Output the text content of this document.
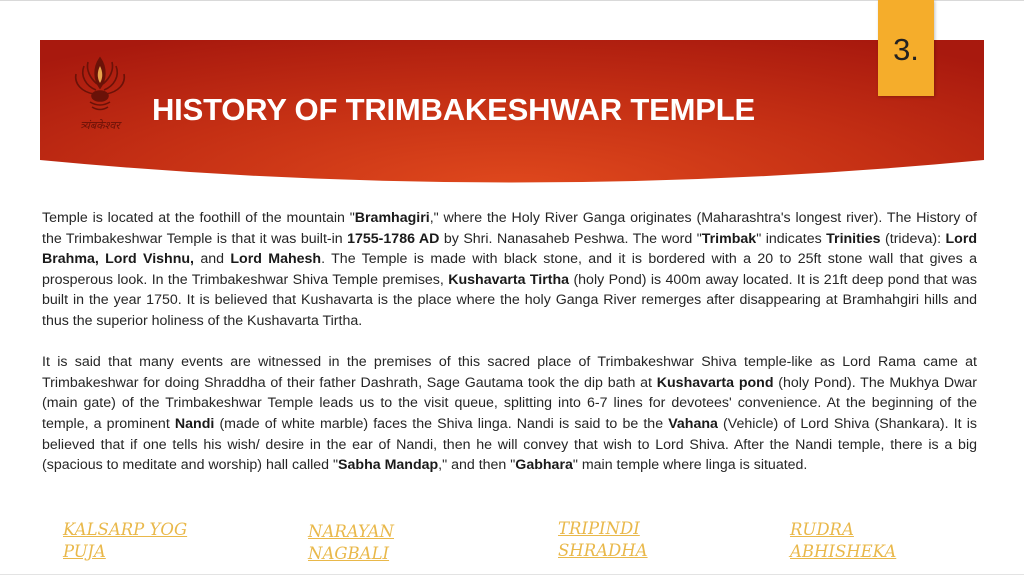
त्र्यंबकेश्वर	HISTORY OF TRIMBAKESHWAR TEMPLE
3.

Temple is located at the foothill of the mountain "Bramhagiri," where the Holy River Ganga originates (Maharashtra's longest river). The History of the Trimbakeshwar Temple is that it was built-in 1755-1786 AD by Shri. Nanasaheb Peshwa. The word "Trimbak" indicates Trinities (trideva): Lord Brahma, Lord Vishnu, and Lord Mahesh. The Temple is made with black stone, and it is bordered with a 20 to 25ft stone wall that gives a prosperous look. In the Trimbakeshwar Shiva Temple premises, Kushavarta Tirtha (holy Pond) is 400m away located. It is 21ft deep pond that was built in the year 1750. It is believed that Kushavarta is the place where the holy Ganga River remerges after disappearing at Bramhahgiri hills and thus the superior holiness of the Kushavarta Tirtha.

It is said that many events are witnessed in the premises of this sacred place of Trimbakeshwar Shiva temple-like as Lord Rama came at Trimbakeshwar for doing Shraddha of their father Dashrath, Sage Gautama took the dip bath at Kushavarta pond (holy Pond). The Mukhya Dwar (main gate) of the Trimbakeshwar Temple leads us to the visit queue, splitting into 6-7 lines for devotees' convenience. At the beginning of the temple, a prominent Nandi (made of white marble) faces the Shiva linga. Nandi is said to be the Vahana (Vehicle) of Lord Shiva (Shankara). It is believed that if one tells his wish/ desire in the ear of Nandi, then he will convey that wish to Lord Shiva. After the Nandi temple, there is a big (spacious to meditate and worship) hall called "Sabha Mandap," and then "Gabhara" main temple where linga is situated.

KALSARP YOG
PUJA
NARAYAN
NAGBALI
TRIPINDI
SHRADHA
RUDRA
ABHISHEKA
